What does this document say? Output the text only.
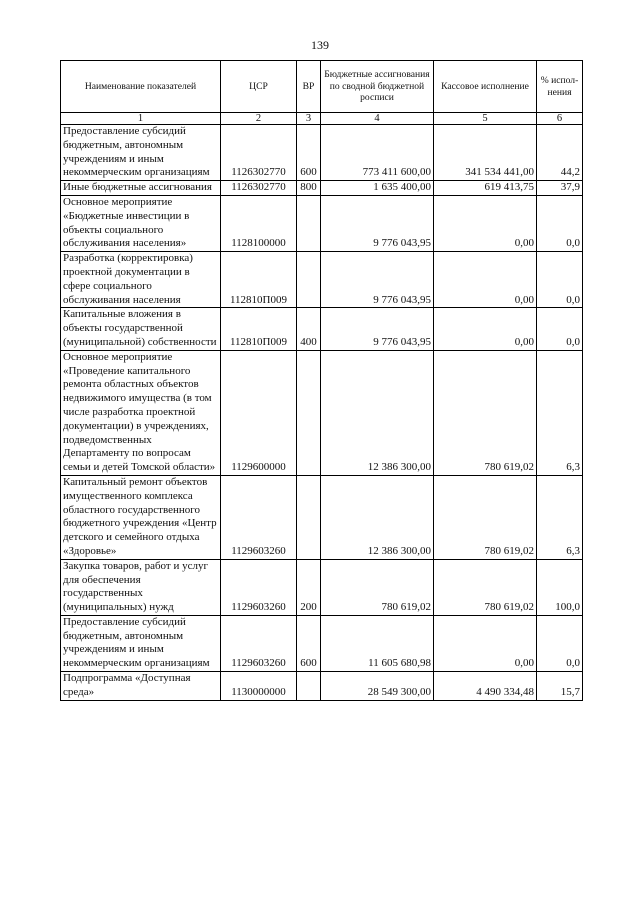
139
Наименование показателей	ЦСР	ВР	Бюджетные ассигнования по сводной бюджетной росписи	Кассовое исполнение	% испол-нения
1	2	3	4	5	6
Предоставление субсидий бюджетным, автономным учреждениям и иным некоммерческим организациям	1126302770	600	773 411 600,00	341 534 441,00	44,2
Иные бюджетные ассигнования	1126302770	800	1 635 400,00	619 413,75	37,9
Основное мероприятие «Бюджетные инвестиции в объекты социального обслуживания населения»	1128100000		9 776 043,95	0,00	0,0
Разработка (корректировка) проектной документации в сфере социального обслуживания населения	112810П009		9 776 043,95	0,00	0,0
Капитальные вложения в объекты государственной (муниципальной) собственности	112810П009	400	9 776 043,95	0,00	0,0
Основное мероприятие «Проведение капитального ремонта областных объектов недвижимого имущества (в том числе разработка проектной документации) в учреждениях, подведомственных Департаменту по вопросам семьи и детей Томской области»	1129600000		12 386 300,00	780 619,02	6,3
Капитальный ремонт объектов имущественного комплекса областного государственного бюджетного учреждения «Центр детского и семейного отдыха «Здоровье»	1129603260		12 386 300,00	780 619,02	6,3
Закупка товаров, работ и услуг для обеспечения государственных (муниципальных) нужд	1129603260	200	780 619,02	780 619,02	100,0
Предоставление субсидий бюджетным, автономным учреждениям и иным некоммерческим организациям	1129603260	600	11 605 680,98	0,00	0,0
Подпрограмма «Доступная среда»	1130000000		28 549 300,00	4 490 334,48	15,7
